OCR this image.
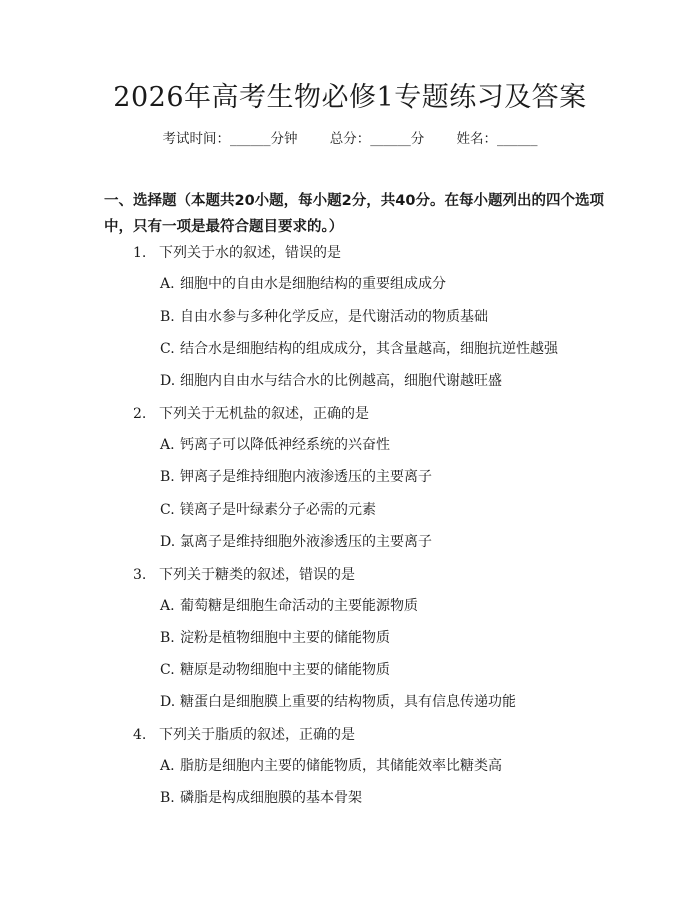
2026年高考生物必修1专题练习及答案
考试时间：______分钟 总分：______分 姓名：______
一、选择题（本题共20小题，每小题2分，共40分。在每小题列出的四个选项中，只有一项是最符合题目要求的。）
1. 下列关于水的叙述，错误的是
A. 细胞中的自由水是细胞结构的重要组成成分
B. 自由水参与多种化学反应，是代谢活动的物质基础
C. 结合水是细胞结构的组成成分，其含量越高，细胞抗逆性越强
D. 细胞内自由水与结合水的比例越高，细胞代谢越旺盛
2. 下列关于无机盐的叙述，正确的是
A. 钙离子可以降低神经系统的兴奋性
B. 钾离子是维持细胞内液渗透压的主要离子
C. 镁离子是叶绿素分子必需的元素
D. 氯离子是维持细胞外液渗透压的主要离子
3. 下列关于糖类的叙述，错误的是
A. 葡萄糖是细胞生命活动的主要能源物质
B. 淀粉是植物细胞中主要的储能物质
C. 糖原是动物细胞中主要的储能物质
D. 糖蛋白是细胞膜上重要的结构物质，具有信息传递功能
4. 下列关于脂质的叙述，正确的是
A. 脂肪是细胞内主要的储能物质，其储能效率比糖类高
B. 磷脂是构成细胞膜的基本骨架
